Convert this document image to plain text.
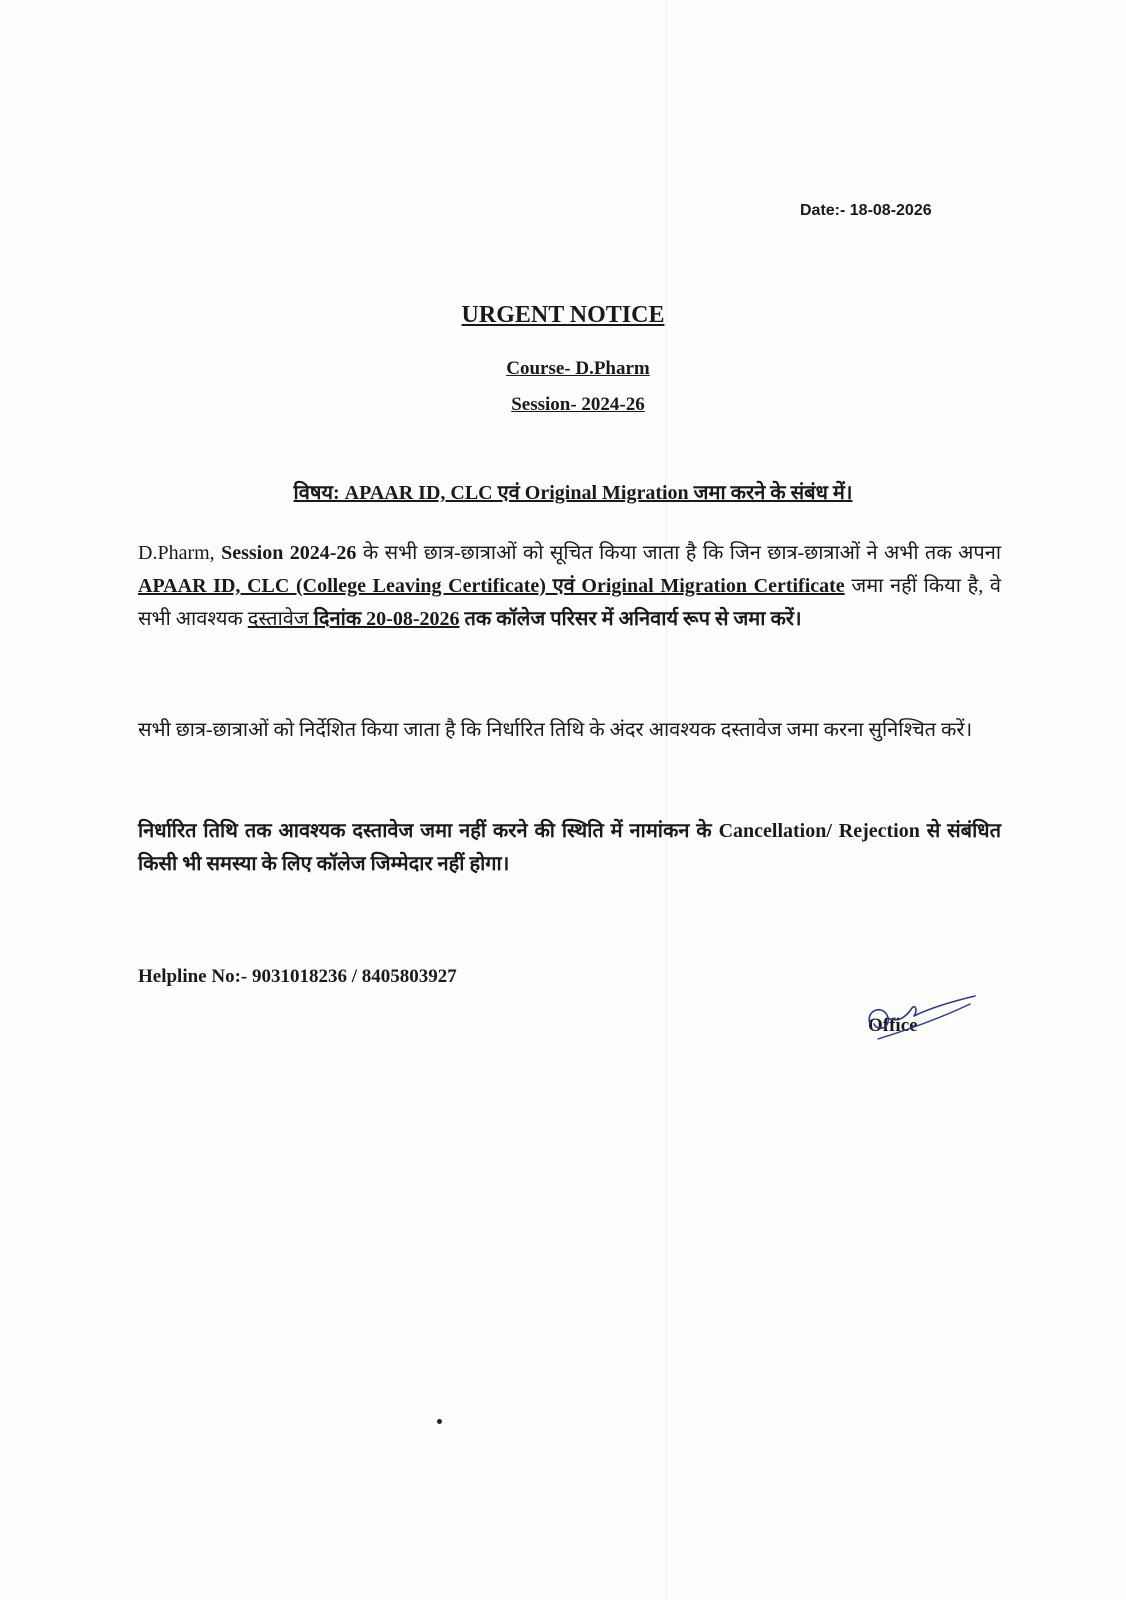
Date:- 18-08-2026
URGENT NOTICE
Course- D.Pharm
Session- 2024-26
विषय: APAAR ID, CLC एवं Original Migration जमा करने के संबंध में।
D.Pharm, Session 2024-26 के सभी छात्र-छात्राओं को सूचित किया जाता है कि जिन छात्र-छात्राओं ने अभी तक अपना APAAR ID, CLC (College Leaving Certificate) एवं Original Migration Certificate जमा नहीं किया है, वे सभी आवश्यक दस्तावेज दिनांक 20-08-2026 तक कॉलेज परिसर में अनिवार्य रूप से जमा करें।
सभी छात्र-छात्राओं को निर्देशित किया जाता है कि निर्धारित तिथि के अंदर आवश्यक दस्तावेज जमा करना सुनिश्चित करें।
निर्धारित तिथि तक आवश्यक दस्तावेज जमा नहीं करने की स्थिति में नामांकन के Cancellation/ Rejection से संबंधित किसी भी समस्या के लिए कॉलेज जिम्मेदार नहीं होगा।
Helpline No:- 9031018236 / 8405803927
Office
